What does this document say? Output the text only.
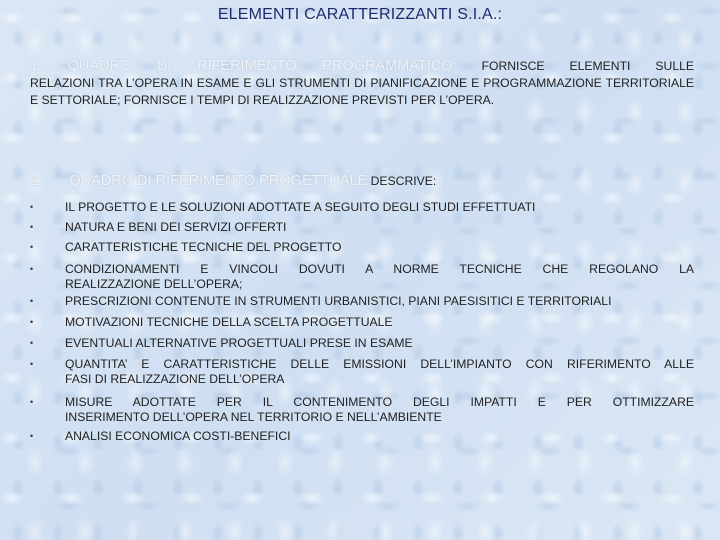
ELEMENTI CARATTERIZZANTI S.I.A.:
1. QUADRO DI RIFERIMENTO PROGRAMMATICO: FORNISCE ELEMENTI SULLE
RELAZIONI TRA L’OPERA IN ESAME E GLI STRUMENTI DI PIANIFICAZIONE E PROGRAMMAZIONE TERRITORIALE E SETTORIALE; FORNISCE I TEMPI DI REALIZZAZIONE PREVISTI PER L’OPERA.
2. QUADRO DI RIFERIMENTO PROGETTUALE DESCRIVE:
•	IL PROGETTO E LE SOLUZIONI ADOTTATE A SEGUITO DEGLI STUDI EFFETTUATI
•	NATURA E BENI DEI SERVIZI OFFERTI
•	CARATTERISTICHE TECNICHE DEL PROGETTO
•	CONDIZIONAMENTI E VINCOLI DOVUTI A NORME TECNICHE CHE REGOLANO LA
REALIZZAZIONE DELL’OPERA;
•	PRESCRIZIONI CONTENUTE IN STRUMENTI URBANISTICI, PIANI PAESISITICI E TERRITORIALI
•	MOTIVAZIONI TECNICHE DELLA SCELTA PROGETTUALE
•	EVENTUALI ALTERNATIVE PROGETTUALI PRESE IN ESAME
•	QUANTITA’ E CARATTERISTICHE DELLE EMISSIONI DELL’IMPIANTO CON RIFERIMENTO ALLE
FASI DI REALIZZAZIONE DELL’OPERA
•	MISURE ADOTTATE PER IL CONTENIMENTO DEGLI IMPATTI E PER OTTIMIZZARE
INSERIMENTO DELL’OPERA NEL TERRITORIO E NELL’AMBIENTE
•	ANALISI ECONOMICA COSTI-BENEFICI
